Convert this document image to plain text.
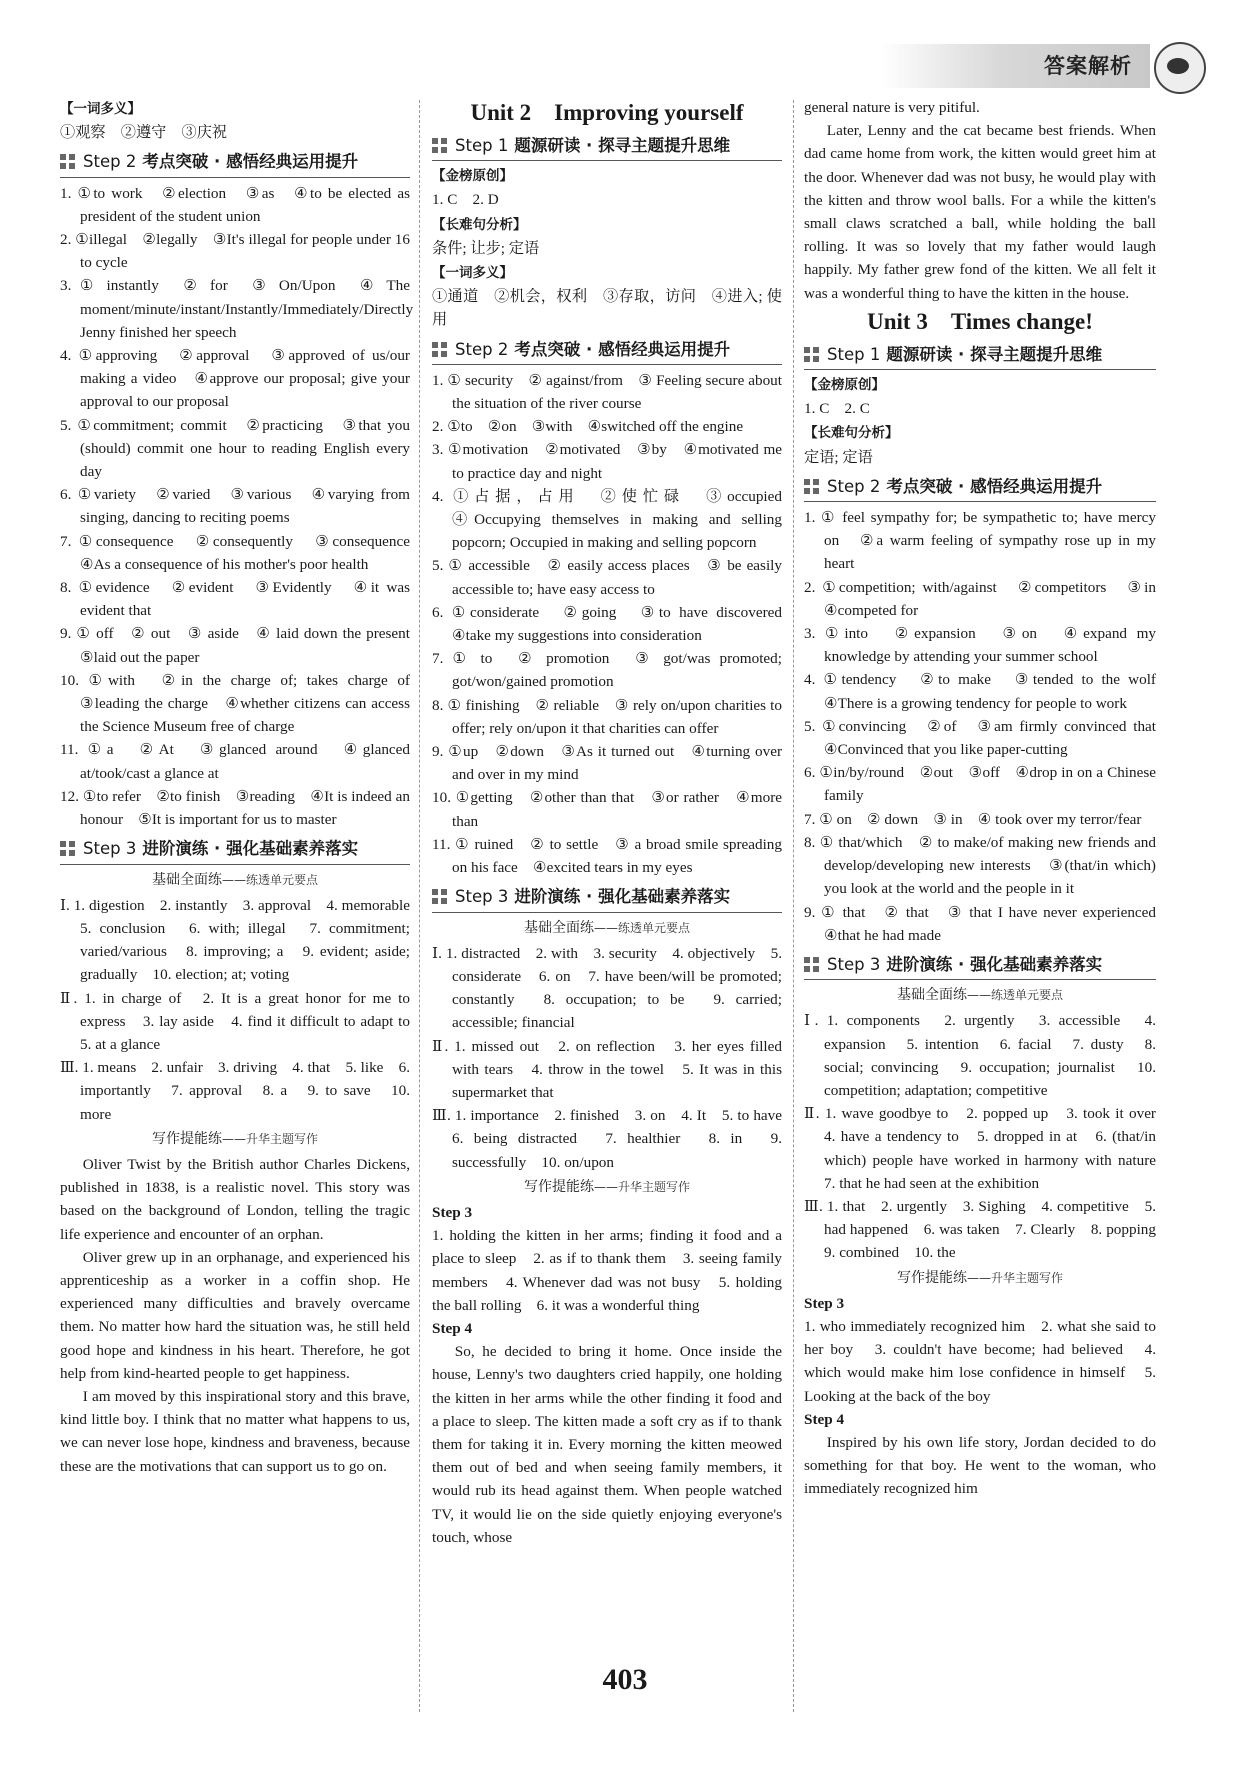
答案解析

【一词多义】

①观察　②遵守　③庆祝

Step 2 考点突破 · 感悟经典运用提升

1. ①to work　②election　③as　④to be elected as president of the student union

2. ①illegal　②legally　③It's illegal for people under 16 to cycle

3. ① instantly　② for　③ On/Upon　④ The moment/minute/instant/Instantly/Immediately/Directly Jenny finished her speech

4. ①approving　②approval　③approved of us/our making a video　④approve our proposal; give your approval to our proposal

5. ①commitment; commit　②practicing　③that you (should) commit one hour to reading English every day

6. ①variety　②varied　③various　④varying from singing, dancing to reciting poems

7. ①consequence　②consequently　③consequence　④As a consequence of his mother's poor health

8. ①evidence　②evident　③Evidently　④it was evident that

9. ① off　② out　③ aside　④ laid down the present　⑤laid out the paper

10. ①with　②in the charge of; takes charge of　③leading the charge　④whether citizens can access the Science Museum free of charge

11. ①a　②At　③glanced around　④glanced at/took/cast a glance at

12. ①to refer　②to finish　③reading　④It is indeed an honour　⑤It is important for us to master

Step 3 进阶演练 · 强化基础素养落实
基础全面练——练透单元要点

Ⅰ. 1. digestion　2. instantly　3. approval　4. memorable　5. conclusion　6. with; illegal　7. commitment; varied/various　8. improving; a　9. evident; aside; gradually　10. election; at; voting

Ⅱ. 1. in charge of　2. It is a great honor for me to express　3. lay aside　4. find it difficult to adapt to　5. at a glance

Ⅲ. 1. means　2. unfair　3. driving　4. that　5. like　6. importantly　7. approval　8. a　9. to save　10. more

写作提能练——升华主题写作

Oliver Twist by the British author Charles Dickens, published in 1838, is a realistic novel. This story was based on the background of London, telling the tragic life experience and encounter of an orphan.

Oliver grew up in an orphanage, and experienced his apprenticeship as a worker in a coffin shop. He experienced many difficulties and bravely overcame them. No matter how hard the situation was, he still held good hope and kindness in his heart. Therefore, he got help from kind-hearted people to get happiness.

I am moved by this inspirational story and this brave, kind little boy. I think that no matter what happens to us, we can never lose hope, kindness and braveness, because these are the motivations that can support us to go on.

Unit 2　Improving yourself
Step 1 题源研读 · 探寻主题提升思维

【金榜原创】

1. C　2. D

【长难句分析】

条件; 让步; 定语

【一词多义】

①通道　②机会，权利　③存取，访问　④进入; 使用

Step 2 考点突破 · 感悟经典运用提升

1. ① security　② against/from　③ Feeling secure about the situation of the river course

2. ①to　②on　③with　④switched off the engine

3. ①motivation　②motivated　③by　④motivated me to practice day and night

4. ①占据，占用　②使忙碌　③occupied　④Occupying themselves in making and selling popcorn; Occupied in making and selling popcorn

5. ① accessible　② easily access places　③ be easily accessible to; have easy access to

6. ①considerate　②going　③to have discovered　④take my suggestions into consideration

7. ① to　② promotion　③ got/was promoted; got/won/gained promotion

8. ① finishing　② reliable　③ rely on/upon charities to offer; rely on/upon it that charities can offer

9. ①up　②down　③As it turned out　④turning over and over in my mind

10. ①getting　②other than that　③or rather　④more than

11. ① ruined　② to settle　③ a broad smile spreading on his face　④excited tears in my eyes

Step 3 进阶演练 · 强化基础素养落实
基础全面练——练透单元要点

Ⅰ. 1. distracted　2. with　3. security　4. objectively　5. considerate　6. on　7. have been/will be promoted; constantly　8. occupation; to be　9. carried; accessible; financial

Ⅱ. 1. missed out　2. on reflection　3. her eyes filled with tears　4. throw in the towel　5. It was in this supermarket that

Ⅲ. 1. importance　2. finished　3. on　4. It　5. to have　6. being distracted　7. healthier　8. in　9. successfully　10. on/upon

写作提能练——升华主题写作

Step 3

1. holding the kitten in her arms; finding it food and a place to sleep　2. as if to thank them　3. seeing family members　4. Whenever dad was not busy　5. holding the ball rolling　6. it was a wonderful thing

Step 4

So, he decided to bring it home. Once inside the house, Lenny's two daughters cried happily, one holding the kitten in her arms while the other finding it food and a place to sleep. The kitten made a soft cry as if to thank them for taking it in. Every morning the kitten meowed them out of bed and when seeing family members, it would rub its head against them. When people watched TV, it would lie on the side quietly enjoying everyone's touch, whose

general nature is very pitiful.

Later, Lenny and the cat became best friends. When dad came home from work, the kitten would greet him at the door. Whenever dad was not busy, he would play with the kitten and throw wool balls. For a while the kitten's small claws scratched a ball, while holding the ball rolling. It was so lovely that my father would laugh happily. My father grew fond of the kitten. We all felt it was a wonderful thing to have the kitten in the house.

Unit 3　Times change!
Step 1 题源研读 · 探寻主题提升思维

【金榜原创】

1. C　2. C

【长难句分析】

定语; 定语

Step 2 考点突破 · 感悟经典运用提升

1. ① feel sympathy for; be sympathetic to; have mercy on　②a warm feeling of sympathy rose up in my heart

2. ①competition; with/against　②competitors　③in　④competed for

3. ①into　②expansion　③on　④expand my knowledge by attending your summer school

4. ①tendency　②to make　③tended to the wolf　④There is a growing tendency for people to work

5. ①convincing　②of　③am firmly convinced that　④Convinced that you like paper-cutting

6. ①in/by/round　②out　③off　④drop in on a Chinese family

7. ① on　② down　③ in　④ took over my terror/fear

8. ① that/which　② to make/of making new friends and develop/developing new interests　③(that/in which) you look at the world and the people in it

9. ① that　② that　③ that I have never experienced　④that he had made

Step 3 进阶演练 · 强化基础素养落实
基础全面练——练透单元要点

Ⅰ. 1. components　2. urgently　3. accessible　4. expansion　5. intention　6. facial　7. dusty　8. social; convincing　9. occupation; journalist　10. competition; adaptation; competitive

Ⅱ. 1. wave goodbye to　2. popped up　3. took it over　4. have a tendency to　5. dropped in at　6. (that/in which) people have worked in harmony with nature　7. that he had seen at the exhibition

Ⅲ. 1. that　2. urgently　3. Sighing　4. competitive　5. had happened　6. was taken　7. Clearly　8. popping　9. combined　10. the

写作提能练——升华主题写作

Step 3

1. who immediately recognized him　2. what she said to her boy　3. couldn't have become; had believed　4. which would make him lose confidence in himself　5. Looking at the back of the boy

Step 4

Inspired by his own life story, Jordan decided to do something for that boy. He went to the woman, who immediately recognized him

403
